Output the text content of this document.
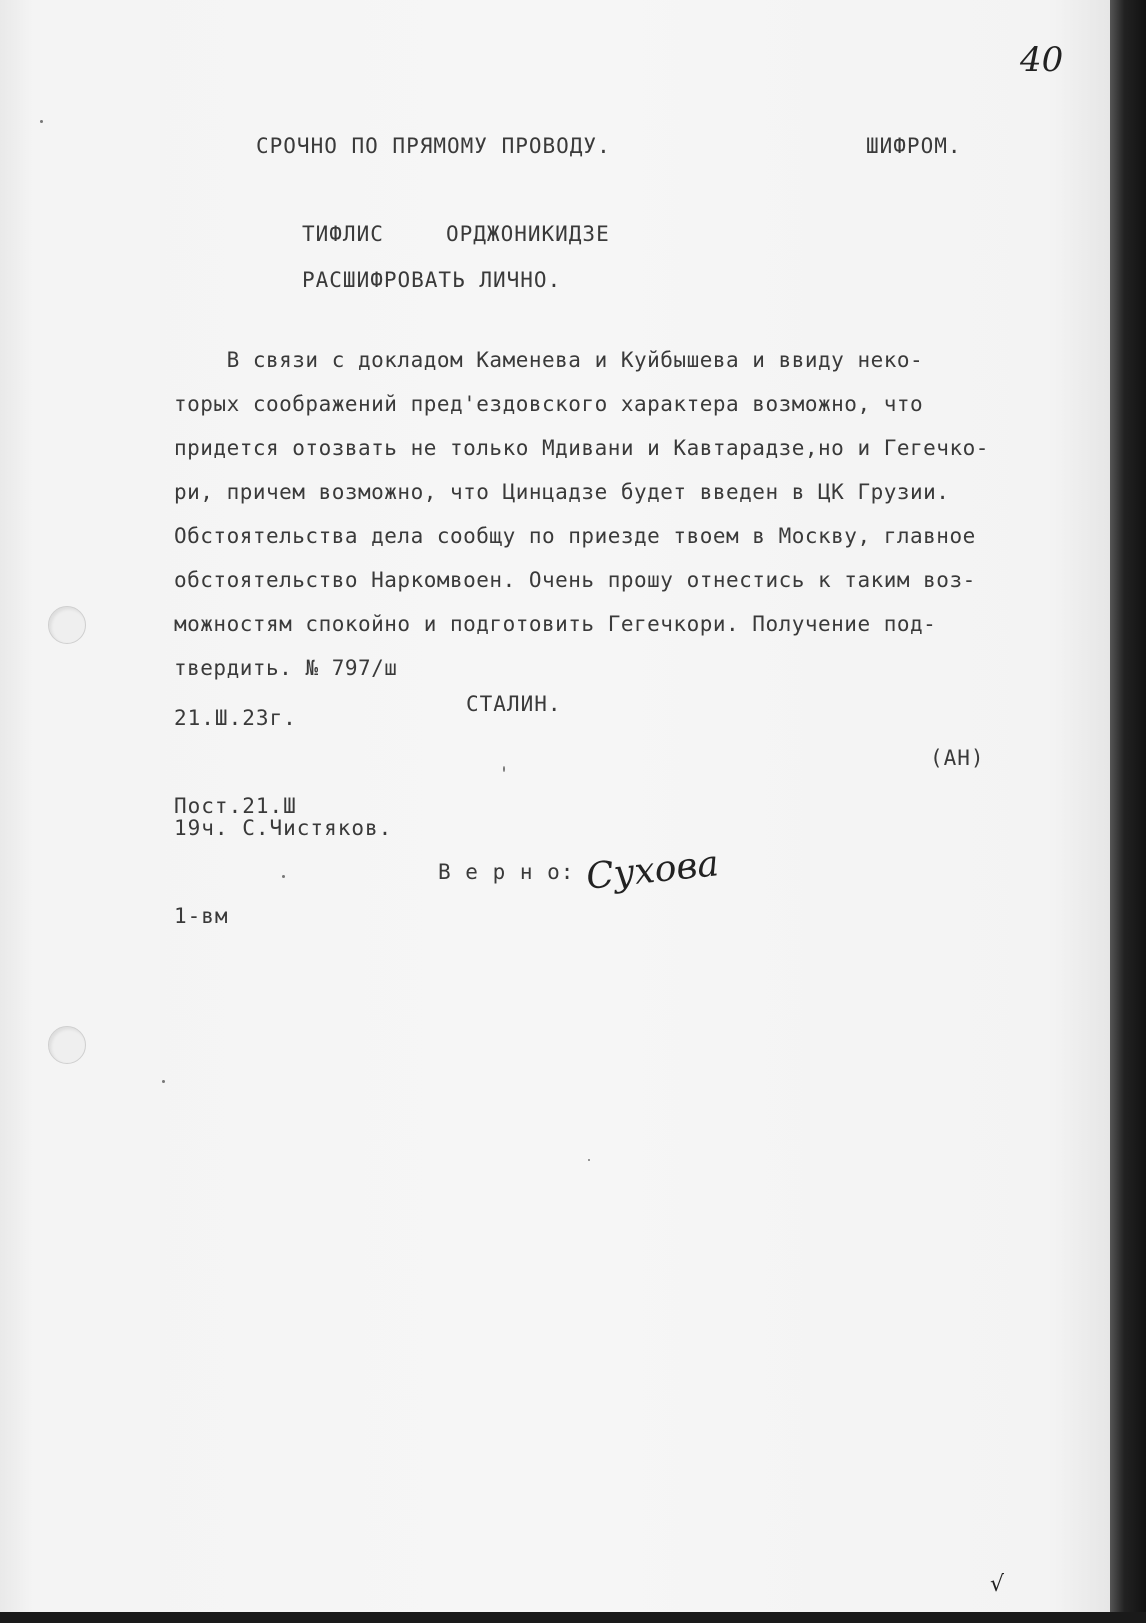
40
СРОЧНО ПО ПРЯМОМУ ПРОВОДУ.	ШИФРОМ.
ТИФЛИС	ОРДЖОНИКИДЗЕ
РАСШИФРОВАТЬ ЛИЧНО.
В связи с докладом Каменева и Куйбышева и ввиду неко-
торых соображений пред'ездовского характера возможно, что
придется отозвать не только Мдивани и Кавтарадзе,но и Гегечко-
ри, причем возможно, что Цинцадзе будет введен в ЦК Грузии.
Обстоятельства дела сообщу по приезде твоем в Москву, главное
обстоятельство Наркомвоен. Очень прошу отнестись к таким воз-
можностям спокойно и подготовить Гегечкори. Получение под-
твердить. № 797/ш
21.Ш.23г.
СТАЛИН.
(АН)
Пост.21.Ш
19ч. С.Чистяков.
В е р н о: Сухова
1-вм
√
